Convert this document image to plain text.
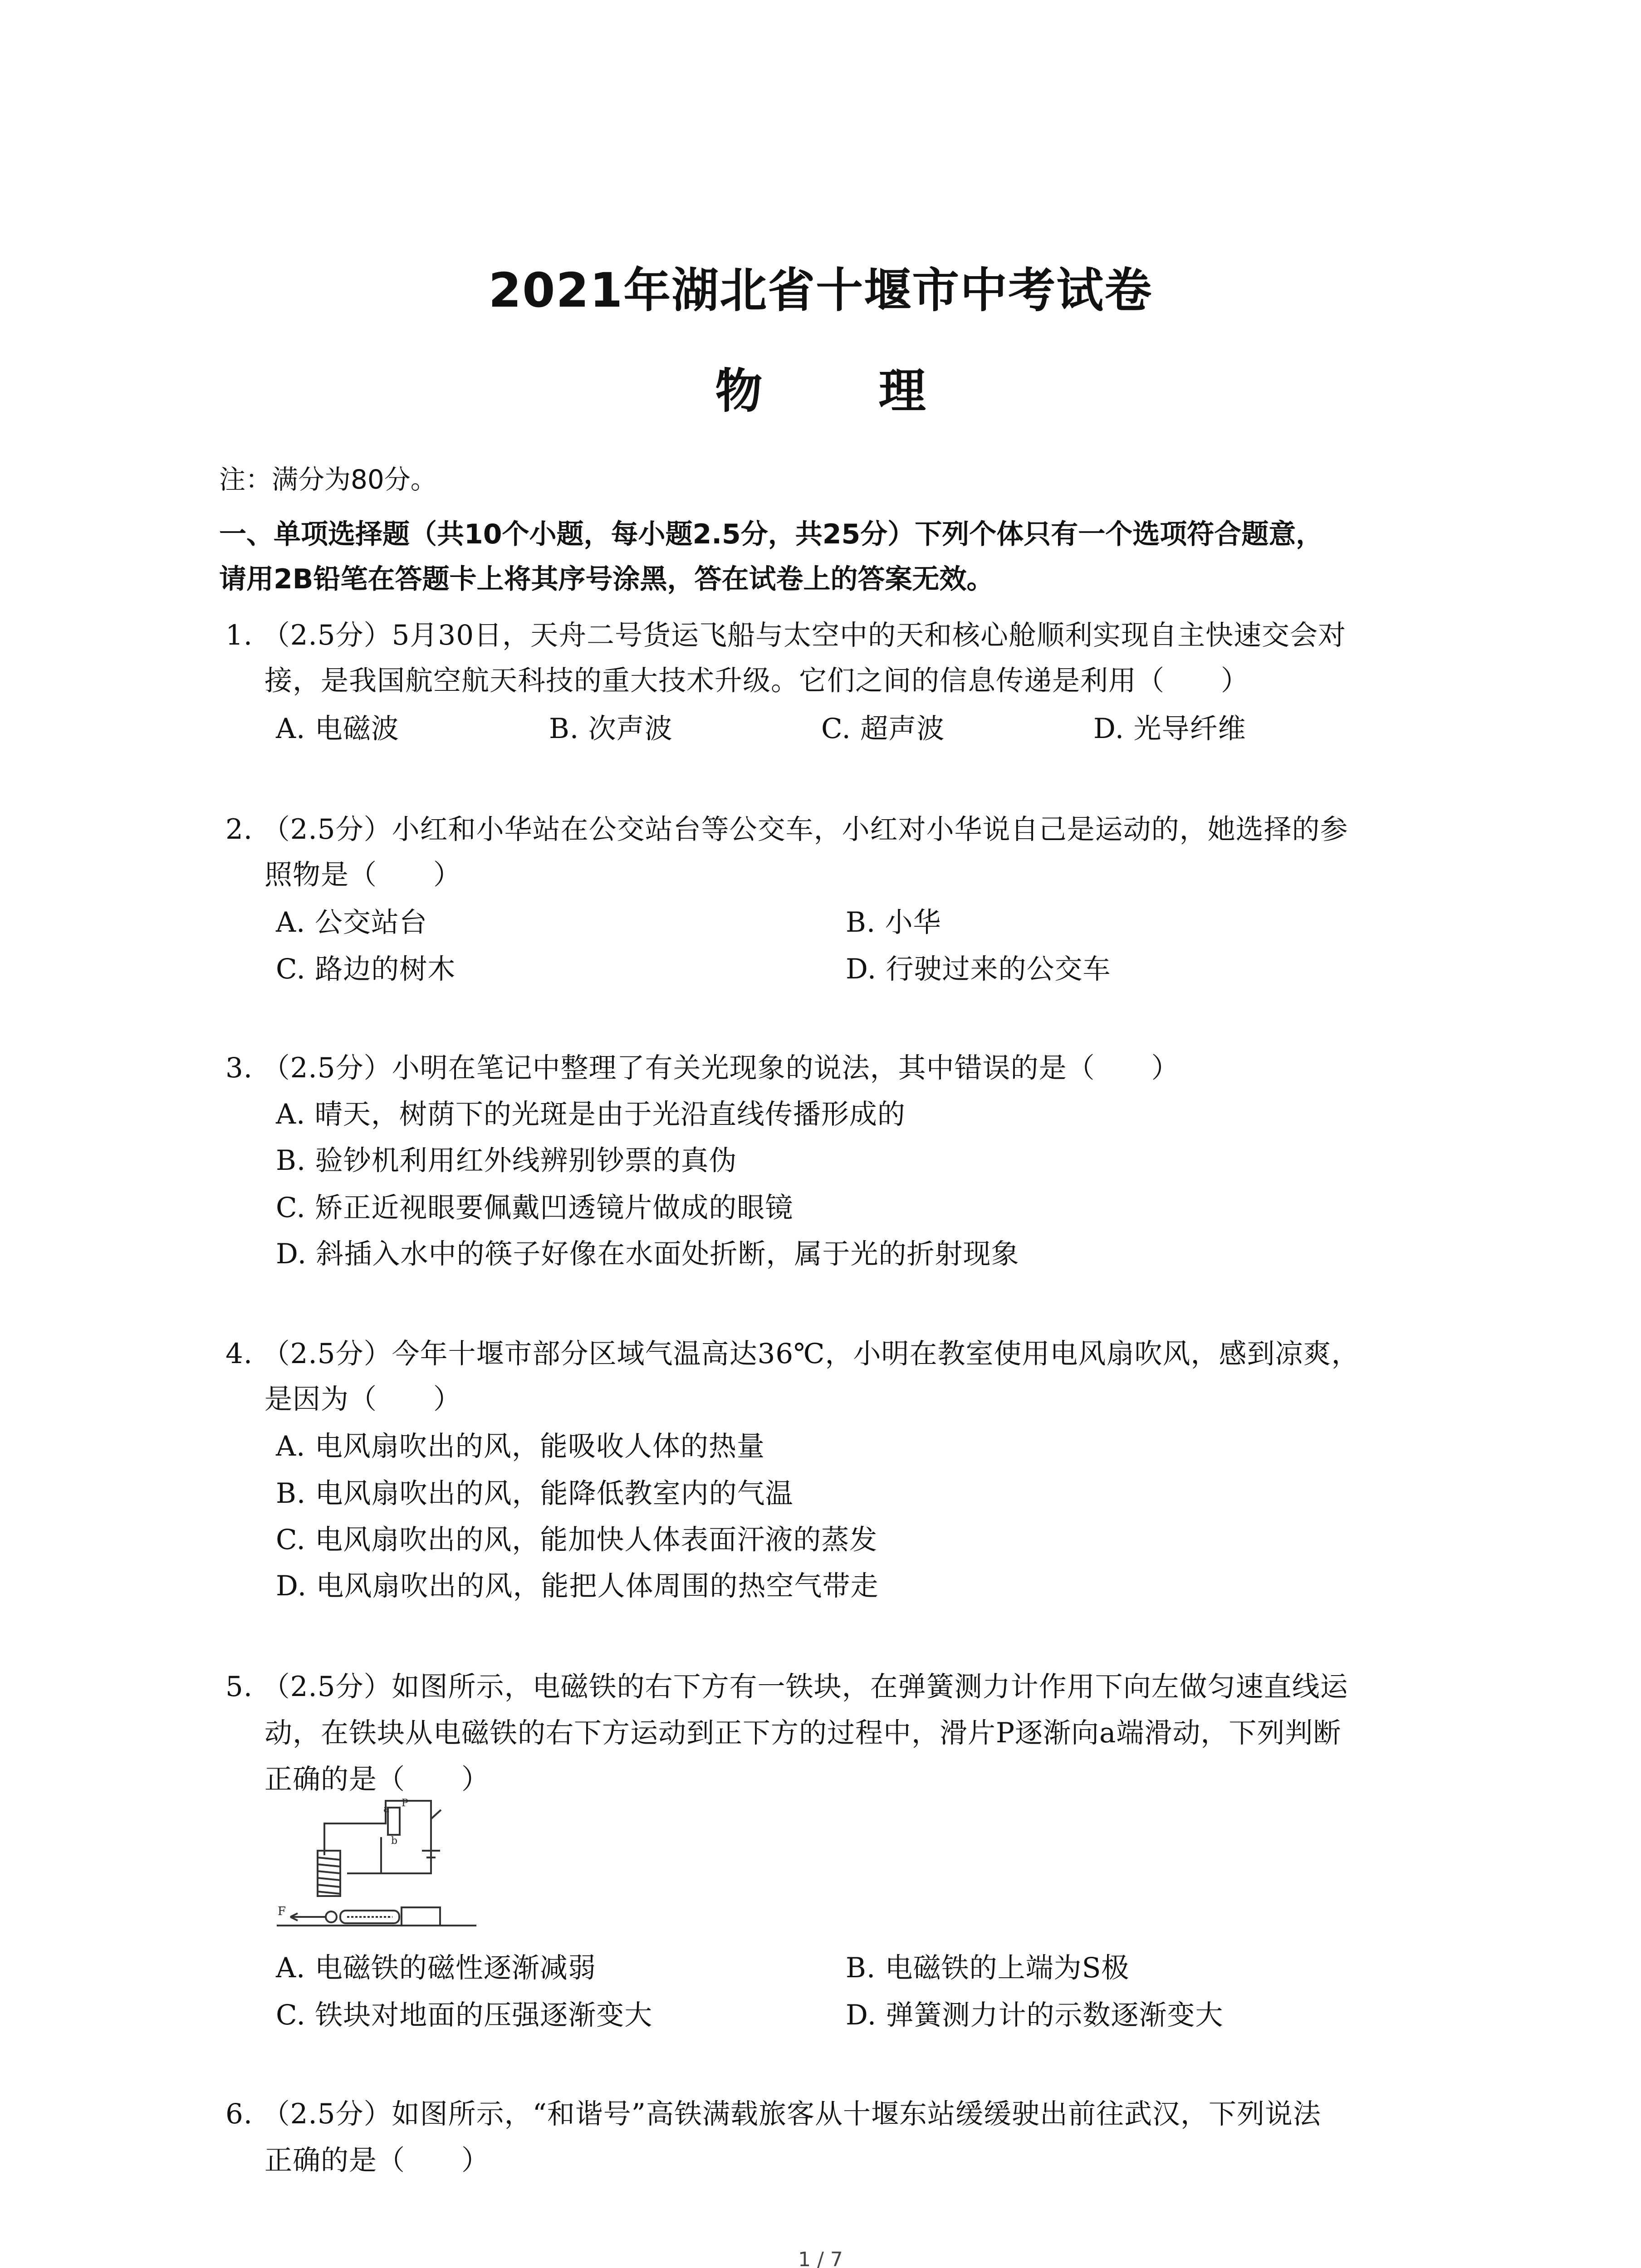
2021年湖北省十堰市中考试卷
物 理
注：满分为80分。
一、单项选择题（共10个小题，每小题2.5分，共25分）下列个体只有一个选项符合题意，
请用2B铅笔在答题卡上将其序号涂黑，答在试卷上的答案无效。
1. （2.5分）5月30日，天舟二号货运飞船与太空中的天和核心舱顺利实现自主快速交会对
接，是我国航空航天科技的重大技术升级。它们之间的信息传递是利用（　　）
A. 电磁波	B. 次声波	C. 超声波	D. 光导纤维
2. （2.5分）小红和小华站在公交站台等公交车，小红对小华说自己是运动的，她选择的参
照物是（　　）
A. 公交站台	B. 小华
C. 路边的树木	D. 行驶过来的公交车
3. （2.5分）小明在笔记中整理了有关光现象的说法，其中错误的是（　　）
A. 晴天，树荫下的光斑是由于光沿直线传播形成的
B. 验钞机利用红外线辨别钞票的真伪
C. 矫正近视眼要佩戴凹透镜片做成的眼镜
D. 斜插入水中的筷子好像在水面处折断，属于光的折射现象
4. （2.5分）今年十堰市部分区域气温高达36℃，小明在教室使用电风扇吹风，感到凉爽，
是因为（　　）
A. 电风扇吹出的风，能吸收人体的热量
B. 电风扇吹出的风，能降低教室内的气温
C. 电风扇吹出的风，能加快人体表面汗液的蒸发
D. 电风扇吹出的风，能把人体周围的热空气带走
5. （2.5分）如图所示，电磁铁的右下方有一铁块，在弹簧测力计作用下向左做匀速直线运
动，在铁块从电磁铁的右下方运动到正下方的过程中，滑片P逐渐向a端滑动，下列判断
正确的是（　　）
F
a
b
P
A. 电磁铁的磁性逐渐减弱	B. 电磁铁的上端为S极
C. 铁块对地面的压强逐渐变大	D. 弹簧测力计的示数逐渐变大
6. （2.5分）如图所示，“和谐号”高铁满载旅客从十堰东站缓缓驶出前往武汉，下列说法
正确的是（　　）
1 / 7
